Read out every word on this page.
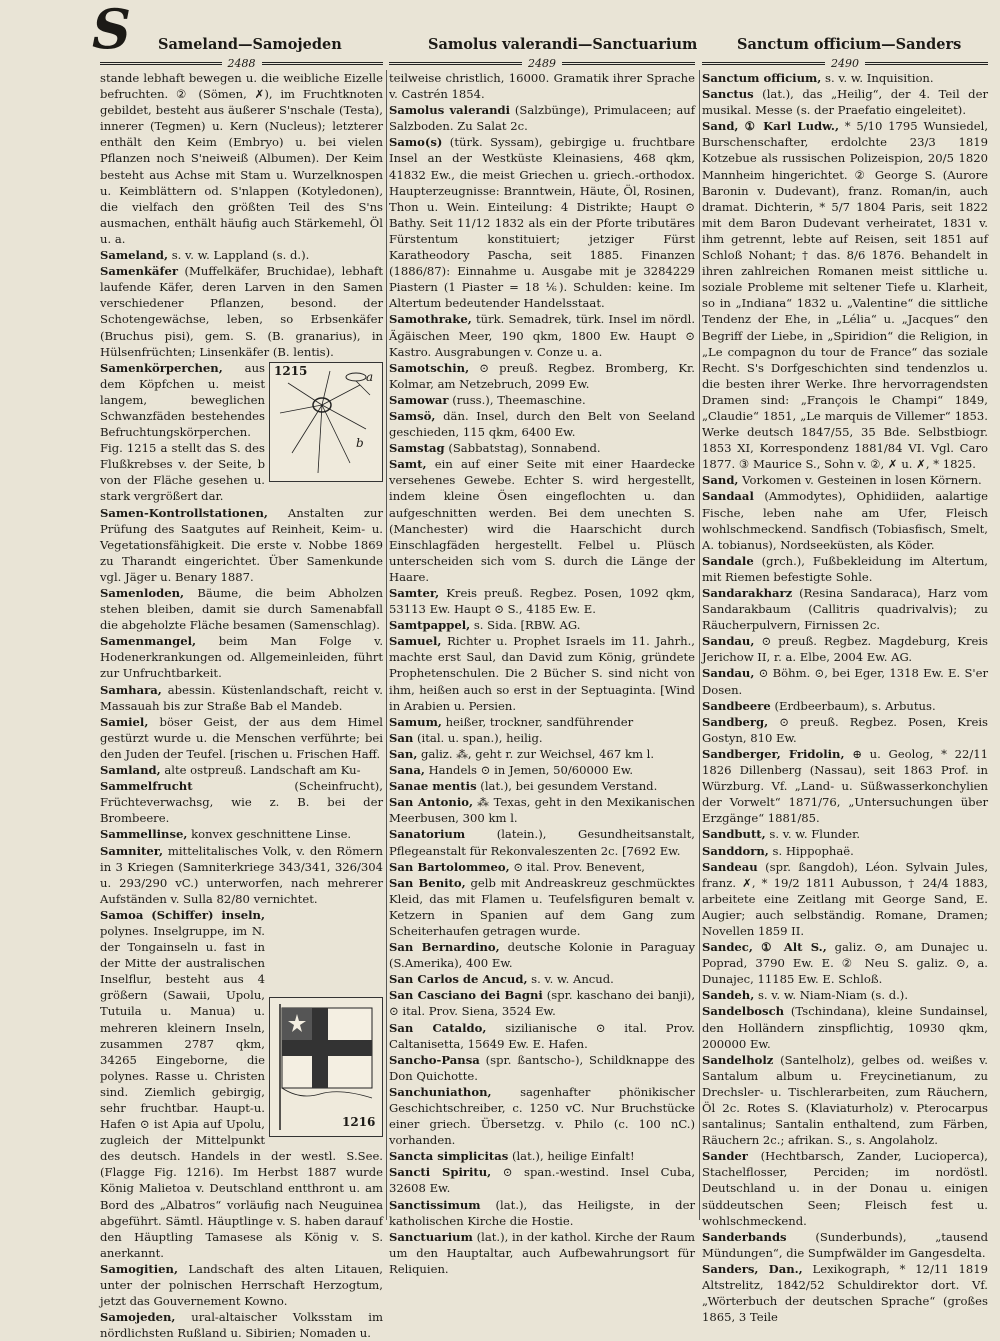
S Sameland—Samojeden	Samolus valerandi—Sanctuarium	Sanctum officium—Sanders
2488	2489	2490

stande lebhaft bewegen u. die weibliche Eizelle befruchten. ② (Sömen, ✗), im Fruchtknoten gebildet, besteht aus äußerer S'nschale (Testa), innerer (Tegmen) u. Kern (Nucleus); letzterer enthält den Keim (Embryo) u. bei vielen Pflanzen noch S'neiweiß (Albumen). Der Keim besteht aus Achse mit Stam u. Wurzelknospen u. Keimblättern od. S'nlappen (Kotyledonen), die vielfach den größten Teil des S'ns ausmachen, enthält häufig auch Stärkemehl, Öl u. a.

Sameland, s. v. w. Lappland (s. d.).

Samenkäfer (Muffelkäfer, Bruchidae), lebhaft laufende Käfer, deren Larven in den Samen verschiedener Pflanzen, besond. der Schotengewächse, leben, so Erbsenkäfer (Bruchus pisi), gem. S. (B. granarius), in Hülsenfrüchten; Linsenkäfer (B. lentis).

1215	a
b
Samenkörperchen, aus dem Köpfchen u. meist langem, beweglichen Schwanzfäden bestehendes Befruchtungskörperchen. Fig. 1215 a stellt das S. des Flußkrebses v. der Seite, b von der Fläche gesehen u. stark vergrößert dar.

Samen-Kontrollstationen, Anstalten zur Prüfung des Saatgutes auf Reinheit, Keim- u. Vegetationsfähigkeit. Die erste v. Nobbe 1869 zu Tharandt eingerichtet. Über Samenkunde vgl. Jäger u. Benary 1887.

Samenloden, Bäume, die beim Abholzen stehen bleiben, damit sie durch Samenabfall die abgeholzte Fläche besamen (Samenschlag).

Samenmangel, beim Man Folge v. Hodenerkrankungen od. Allgemeinleiden, führt zur Unfruchtbarkeit.

Samhara, abessin. Küstenlandschaft, reicht v. Massauah bis zur Straße Bab el Mandeb.

Samiel, böser Geist, der aus dem Himel gestürzt wurde u. die Menschen verführte; bei den Juden der Teufel. [rischen u. Frischen Haff.

Samland, alte ostpreuß. Landschaft am Ku-

Sammelfrucht	(Scheinfrucht), Früchteverwachsg, wie z. B. bei der Brombeere.

Sammellinse, konvex geschnittene Linse.

Samniter, mittelitalisches Volk, v. den Römern in 3 Kriegen (Samniterkriege 343/341, 326/304 u. 293/290 vC.) unterworfen, nach mehrerer Aufständen v. Sulla 82/80 vernichtet.

Samoa (Schiffer) inseln,
1216
polynes. Inselgruppe, im N. der Tongainseln u. fast in der Mitte der australischen Inselflur, besteht aus 4 größern (Sawaii, Upolu, Tutuila u. Manua) u. mehreren kleinern Inseln, zusammen 2787 qkm, 34265 Eingeborne, die polynes. Rasse u. Christen sind. Ziemlich gebirgig, sehr fruchtbar. Haupt-u. Hafen ⊙ ist Apia auf Upolu, zugleich der Mittelpunkt des deutsch. Handels in der westl. S.See. (Flagge Fig. 1216). Im Herbst 1887 wurde König Malietoa v. Deutschland entthront u. am Bord des „Albatros“ vorläufig nach Neuguinea abgeführt. Sämtl. Häuptlinge v. S. haben darauf den Häuptling Tamasese als König v. S. anerkannt.

Samogitien, Landschaft des alten Litauen, unter der polnischen Herrschaft Herzogtum, jetzt das Gouvernement Kowno.

Samojeden, ural-altaischer Volksstam im nördlichsten Rußland u. Sibirien; Nomaden u.

teilweise christlich, 16000. Gramatik ihrer Sprache v. Castrén 1854.

Samolus valerandi (Salzbünge), Primulaceen; auf Salzboden. Zu Salat 2c.

Samo(s) (türk. Syssam), gebirgige u. fruchtbare Insel an der Westküste Kleinasiens, 468 qkm, 41832 Ew., die meist Griechen u. griech.-orthodox. Haupterzeugnisse: Branntwein, Häute, Öl, Rosinen, Thon u. Wein. Einteilung: 4 Distrikte; Haupt ⊙ Bathy. Seit 11/12 1832 als ein der Pforte tributäres Fürstentum konstituiert; jetziger Fürst Karatheodory Pascha, seit 1885. Finanzen (1886/87): Einnahme u. Ausgabe mit je 3284229 Piastern (1 Piaster = 18 ⅙). Schulden: keine. Im Altertum bedeutender Handelsstaat.

Samothrake, türk. Semadrek, türk. Insel im nördl. Ägäischen Meer, 190 qkm, 1800 Ew. Haupt ⊙ Kastro. Ausgrabungen v. Conze u. a.

Samotschin, ⊙ preuß. Regbez. Bromberg, Kr. Kolmar, am Netzebruch, 2099 Ew.

Samowar (russ.), Theemaschine.

Samsö, dän. Insel, durch den Belt von Seeland geschieden, 115 qkm, 6400 Ew.

Samstag (Sabbatstag), Sonnabend.

Samt, ein auf einer Seite mit einer Haardecke versehenes Gewebe. Echter S. wird hergestellt, indem kleine Ösen eingeflochten u. dan aufgeschnitten werden. Bei dem unechten S. (Manchester) wird die Haarschicht durch Einschlagfäden hergestellt. Felbel u. Plüsch unterscheiden sich vom S. durch die Länge der Haare.

Samter, Kreis preuß. Regbez. Posen, 1092 qkm, 53113 Ew. Haupt ⊙ S., 4185 Ew. E.

Samtpappel, s. Sida. [RBW. AG.

Samuel, Richter u. Prophet Israels im 11. Jahrh., machte erst Saul, dan David zum König, gründete Prophetenschulen. Die 2 Bücher S. sind nicht von ihm, heißen auch so erst in der Septuaginta. [Wind in Arabien u. Persien.

Samum, heißer, trockner, sandführender

San (ital. u. span.), heilig.

San, galiz. ⁂, geht r. zur Weichsel, 467 km l.

Sana, Handels ⊙ in Jemen, 50/60000 Ew.

Sanae mentis (lat.), bei gesundem Verstand.

San Antonio, ⁂ Texas, geht in den Mexikanischen Meerbusen, 300 km l.

Sanatorium	(latein.), Gesundheitsanstalt, Pflegeanstalt für Rekonvaleszenten 2c. [7692 Ew.

San Bartolommeo, ⊙ ital. Prov. Benevent,

San Benito, gelb mit Andreaskreuz geschmücktes Kleid, das mit Flamen u. Teufelsfiguren bemalt v. Ketzern in Spanien auf dem Gang zum Scheiterhaufen getragen wurde.

San Bernardino, deutsche Kolonie in Paraguay (S.Amerika), 400 Ew.

San Carlos de Ancud, s. v. w. Ancud.

San Casciano dei Bagni (spr. kaschano dei banji), ⊙ ital. Prov. Siena, 3524 Ew.

San Cataldo, sizilianische ⊙ ital. Prov. Caltanisetta, 15649 Ew. E. Hafen.

Sancho-Pansa (spr. ßantscho-), Schildknappe des Don Quichotte.

Sanchuniathon, sagenhafter phönikischer Geschichtschreiber, c. 1250 vC. Nur Bruchstücke einer griech. Übersetzg. v. Philo (c. 100 nC.) vorhanden.

Sancta simplicitas (lat.), heilige Einfalt!

Sancti Spiritu, ⊙ span.-westind. Insel Cuba, 32608 Ew.

Sanctissimum (lat.), das Heiligste, in der katholischen Kirche die Hostie.

Sanctuarium (lat.), in der kathol. Kirche der Raum um den Hauptaltar, auch Aufbewahrungsort für Reliquien.

Sanctum officium, s. v. w. Inquisition.

Sanctus (lat.), das „Heilig“, der 4. Teil der musikal. Messe (s. der Praefatio eingeleitet).

Sand, ① Karl Ludw., * 5/10 1795 Wunsiedel, Burschenschafter, erdolchte 23/3 1819 Kotzebue als russischen Polizeispion, 20/5 1820 Mannheim hingerichtet. ② George S. (Aurore Baronin v. Dudevant), franz. Roman/in, auch dramat. Dichterin, * 5/7 1804 Paris, seit 1822 mit dem Baron Dudevant verheiratet, 1831 v. ihm getrennt, lebte auf Reisen, seit 1851 auf Schloß Nohant; † das. 8/6 1876. Behandelt in ihren zahlreichen Romanen meist sittliche u. soziale Probleme mit seltener Tiefe u. Klarheit, so in „Indiana“ 1832 u. „Valentine“ die sittliche Tendenz der Ehe, in „Lélia“ u. „Jacques“ den Begriff der Liebe, in „Spiridion“ die Religion, in „Le compagnon du tour de France“ das soziale Recht. S's Dorfgeschichten sind tendenzlos u. die besten ihrer Werke. Ihre hervorragendsten Dramen sind: „François le Champi“ 1849, „Claudie“ 1851, „Le marquis de Villemer“ 1853. Werke deutsch 1847/55, 35 Bde. Selbstbiogr. 1853 XI, Korrespondenz 1881/84 VI. Vgl. Caro 1877. ③ Maurice S., Sohn v. ②, ✗ u. ✗, * 1825.

Sand, Vorkomen v. Gesteinen in losen Körnern.

Sandaal (Ammodytes), Ophidiiden, aalartige Fische, leben nahe am Ufer, Fleisch wohlschmeckend. Sandfisch (Tobiasfisch, Smelt, A. tobianus), Nordseeküsten, als Köder.

Sandale (grch.), Fußbekleidung im Altertum, mit Riemen befestigte Sohle.

Sandarakharz (Resina Sandaraca), Harz vom Sandarakbaum (Callitris quadrivalvis); zu Räucherpulvern, Firnissen 2c.

Sandau, ⊙ preuß. Regbez. Magdeburg, Kreis Jerichow II, r. a. Elbe, 2004 Ew. AG.

Sandau, ⊙ Böhm. ⊙, bei Eger, 1318 Ew. E. S'er Dosen.

Sandbeere (Erdbeerbaum), s. Arbutus.

Sandberg, ⊙ preuß. Regbez. Posen, Kreis Gostyn, 810 Ew.

Sandberger, Fridolin, ⊕ u. Geolog, * 22/11 1826 Dillenberg (Nassau), seit 1863 Prof. in Würzburg. Vf. „Land- u. Süßwasserkonchylien der Vorwelt“ 1871/76, „Untersuchungen über Erzgänge“ 1881/85.

Sandbutt, s. v. w. Flunder.

Sanddorn, s. Hippophaë.

Sandeau (spr. ßangdoh), Léon. Sylvain Jules, franz. ✗, * 19/2 1811 Aubusson, † 24/4 1883, arbeitete eine Zeitlang mit George Sand, E. Augier; auch selbständig. Romane, Dramen; Novellen 1859 II.

Sandec, ① Alt S., galiz. ⊙, am Dunajec u. Poprad, 3790 Ew. E. ② Neu S. galiz. ⊙, a. Dunajec, 11185 Ew. E. Schloß.

Sandeh, s. v. w. Niam-Niam (s. d.).

Sandelbosch (Tschindana), kleine Sundainsel, den Holländern zinspflichtig, 10930 qkm, 200000 Ew.

Sandelholz (Santelholz), gelbes od. weißes v. Santalum album u. Freycinetianum, zu Drechsler- u. Tischlerarbeiten, zum Räuchern, Öl 2c. Rotes S. (Klaviaturholz) v. Pterocarpus santalinus; Santalin enthaltend, zum Färben, Räuchern 2c.; afrikan. S., s. Angolaholz.

Sander (Hechtbarsch, Zander, Lucioperca), Stachelflosser, Perciden; im nordöstl. Deutschland u. in der Donau u. einigen süddeutschen Seen; Fleisch fest u. wohlschmeckend.

Sanderbands (Sunderbunds), „tausend Mündungen“, die Sumpfwälder im Gangesdelta.

Sanders, Dan., Lexikograph, * 12/11 1819 Altstrelitz, 1842/52 Schuldirektor dort. Vf. „Wörterbuch der deutschen Sprache“ (großes 1865, 3 Teile
